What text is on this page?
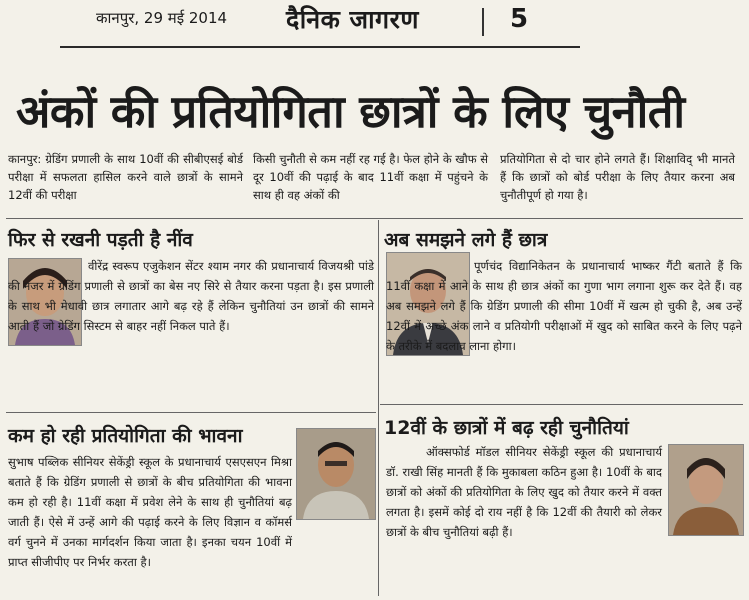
कानपुर, 29 मई 2014 दैनिक जागरण	5
अंकों की प्रतियोगिता छात्रों के लिए चुनौती
कानपुर: ग्रेडिंग प्रणाली के साथ 10वीं की सीबीएसई बोर्ड परीक्षा में सफलता हासिल करने वाले छात्रों के सामने 12वीं की परीक्षा
किसी चुनौती से कम नहीं रह गई है। फेल होने के खौफ से दूर 10वीं की पढ़ाई के बाद 11वीं कक्षा में पहुंचने के साथ ही वह अंकों की
प्रतियोगिता से दो चार होने लगते हैं। शिक्षाविद् भी मानते हैं कि छात्रों को बोर्ड परीक्षा के लिए तैयार करना अब चुनौतीपूर्ण हो गया है।
फिर से रखनी पड़ती है नींव
वीरेंद्र स्वरूप एजुकेशन सेंटर श्याम नगर की प्रधानाचार्य विजयश्री पांडे की नजर में ग्रेडिंग प्रणाली से छात्रों का बेस नए सिरे से तैयार करना पड़ता है। इस प्रणाली के साथ भी मेधावी छात्र लगातार आगे बढ़ रहे हैं लेकिन चुनौतियां उन छात्रों की सामने आती हैं जो ग्रेडिंग सिस्टम से बाहर नहीं निकल पाते हैं।
कम हो रही प्रतियोगिता की भावना
सुभाष पब्लिक सीनियर सेकेंड्री स्कूल के प्रधानाचार्य एसएसएन मिश्रा बताते हैं कि ग्रेडिंग प्रणाली से छात्रों के बीच प्रतियोगिता की भावना कम हो रही है। 11वीं कक्षा में प्रवेश लेने के साथ ही चुनौतियां बढ़ जाती हैं। ऐसे में उन्हें आगे की पढ़ाई करने के लिए विज्ञान व कॉमर्स वर्ग चुनने में उनका मार्गदर्शन किया जाता है। इनका चयन 10वीं में प्राप्त सीजीपीए पर निर्भर करता है।
अब समझने लगे हैं छात्र
पूर्णचंद विद्यानिकेतन के प्रधानाचार्य भाष्कर गैंटी बताते हैं कि 11वीं कक्षा में आने के साथ ही छात्र अंकों का गुणा भाग लगाना शुरू कर देते हैं। वह अब समझने लगे हैं कि ग्रेडिंग प्रणाली की सीमा 10वीं में खत्म हो चुकी है, अब उन्हें 12वीं में अच्छे अंक लाने व प्रतियोगी परीक्षाओं में खुद को साबित करने के लिए पढ़ने के तरीके में बदलाव लाना होगा।
12वीं के छात्रों में बढ़ रही चुनौतियां
ऑक्सफोर्ड मॉडल सीनियर सेकेंड्री स्कूल की प्रधानाचार्य डॉ. राखी सिंह मानती हैं कि मुकाबला कठिन हुआ है। 10वीं के बाद छात्रों को अंकों की प्रतियोगिता के लिए खुद को तैयार करने में वक्त लगता है। इसमें कोई दो राय नहीं है कि 12वीं की तैयारी को लेकर छात्रों के बीच चुनौतियां बढ़ी हैं।
